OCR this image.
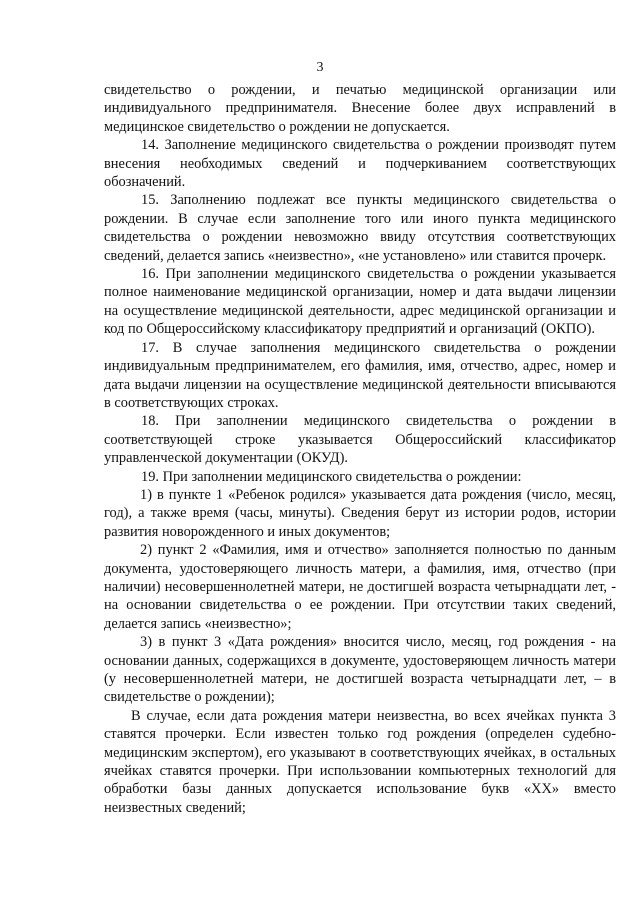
3

свидетельство о рождении, и печатью медицинской организации или индивидуального предпринимателя. Внесение более двух исправлений в медицинское свидетельство о рождении не допускается.

14. Заполнение медицинского свидетельства о рождении производят путем внесения необходимых сведений и подчеркиванием соответствующих обозначений.

15. Заполнению подлежат все пункты медицинского свидетельства о рождении. В случае если заполнение того или иного пункта медицинского свидетельства о рождении невозможно ввиду отсутствия соответствующих сведений, делается запись «неизвестно», «не установлено» или ставится прочерк.

16. При заполнении медицинского свидетельства о рождении указывается полное наименование медицинской организации, номер и дата выдачи лицензии на осуществление медицинской деятельности, адрес медицинской организации и код по Общероссийскому классификатору предприятий и организаций (ОКПО).

17. В случае заполнения медицинского свидетельства о рождении индивидуальным предпринимателем, его фамилия, имя, отчество, адрес, номер и дата выдачи лицензии на осуществление медицинской деятельности вписываются в соответствующих строках.

18. При заполнении медицинского свидетельства о рождении в соответствующей строке указывается Общероссийский классификатор управленческой документации (ОКУД).

19. При заполнении медицинского свидетельства о рождении:

1) в пункте 1 «Ребенок родился» указывается дата рождения (число, месяц, год), а также время (часы, минуты). Сведения берут из истории родов, истории развития новорожденного и иных документов;

2) пункт 2 «Фамилия, имя и отчество» заполняется полностью по данным документа, удостоверяющего личность матери, а фамилия, имя, отчество (при наличии) несовершеннолетней матери, не достигшей возраста четырнадцати лет, - на основании свидетельства о ее рождении. При отсутствии таких сведений, делается запись «неизвестно»;

3) в пункт 3 «Дата рождения» вносится число, месяц, год рождения - на основании данных, содержащихся в документе, удостоверяющем личность матери (у несовершеннолетней матери, не достигшей возраста четырнадцати лет, – в свидетельстве о рождении);

В случае, если дата рождения матери неизвестна, во всех ячейках пункта 3 ставятся прочерки. Если известен только год рождения (определен судебно-медицинским экспертом), его указывают в соответствующих ячейках, в остальных ячейках ставятся прочерки. При использовании компьютерных технологий для обработки базы данных допускается использование букв «ХХ» вместо неизвестных сведений;
